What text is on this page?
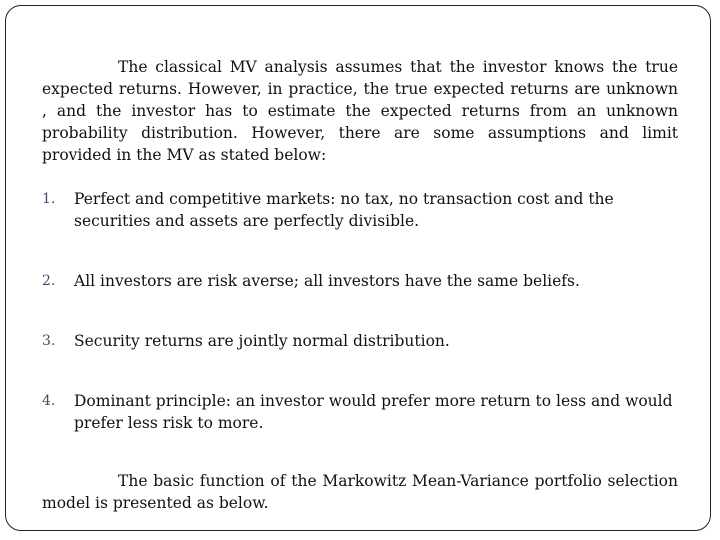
The classical MV analysis assumes that the investor knows the true expected returns. However, in practice, the true expected returns are unknown , and the investor has to estimate the expected returns from an unknown probability distribution. However, there are some assumptions and limit provided in the MV as stated below:

1. Perfect and competitive markets: no tax, no transaction cost and the securities and assets are perfectly divisible.
2. All investors are risk averse; all investors have the same beliefs.
3. Security returns are jointly normal distribution.
4. Dominant principle: an investor would prefer more return to less and would prefer less risk to more.

The basic function of the Markowitz Mean-Variance portfolio selection model is presented as below.
